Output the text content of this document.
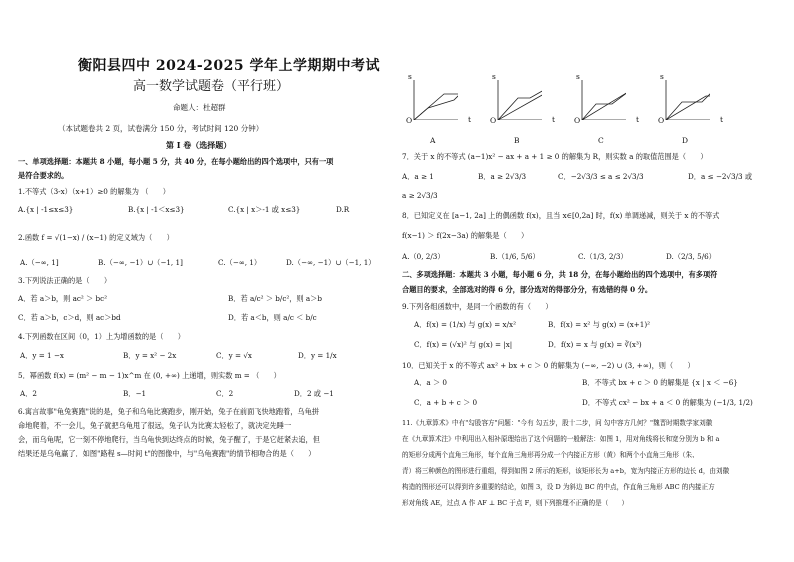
衡阳县四中 2024-2025 学年上学期期中考试
高一数学试题卷（平行班）
命题人：杜超群
（本试题卷共 2 页，试卷满分 150 分，考试时间 120 分钟）
第 I 卷（选择题）
一、单项选择题：本题共 8 小题，每小题 5 分，共 40 分，在每小题给出的四个选项中，只有一项
是符合要求的。
1.不等式（3-x）（x+1）≥0 的解集为 （　　）
A.{x | -1≤x≤3}	B.{x | -1＜x≤3}	C.{x | x＞-1 或 x≤3}	D.R
2.函数 f = √(1−x) / (x−1) 的定义域为（　　）
A.（−∞, 1]	B.（−∞, −1）∪（−1, 1]	C.（−∞, 1）	D.（−∞, −1）∪（−1, 1）
3.下列说法正确的是（　　）
A．若 a＞b，则 ac² ＞ bc²	B．若 a/c² ＞ b/c²，则 a＞b
C．若 a＞b，c＞d，则 ac＞bd	D．若 a＜b，则 a/c ＜ b/c
4.下列函数在区间（0，1）上为增函数的是（　　）
A．y = 1 −x	B．y = x² − 2x	C．y = √x	D．y = 1/x
5．幂函数 f(x) = (m² − m − 1)x^m 在 (0, +∞) 上递增，则实数 m = （　　）
A．2	B．−1	C．2	D．2 或 −1
6.寓言故事"龟兔赛跑"说的是，兔子和乌龟比赛跑步，刚开始，兔子在前面飞快地跑着，乌龟拼
命地爬着，不一会儿，兔子就把乌龟甩了很远，兔子认为比赛太轻松了，就决定先睡一
会，而乌龟呢，它一刻不停地爬行，当乌龟快到达终点的时候，兔子醒了，于是它赶紧去追，但
结果还是乌龟赢了．如图"路程 s—时间 t"的图像中，与"乌龟赛跑"的情节相吻合的是（　　）
s
t
O
A
s
t
O
B
s
t
O
C
s
t
O
D
7．关于 x 的不等式 (a−1)x² − ax + a + 1 ≥ 0 的解集为 R，则实数 a 的取值范围是（　　）
A．a ≥ 1	B．a ≥ 2√3/3	C．−2√3/3 ≤ a ≤ 2√3/3	D．a ≤ −2√3/3 或
a ≥ 2√3/3
8．已知定义在 [a−1, 2a] 上的偶函数 f(x)，且当 x∈[0,2a] 时，f(x) 单调递减，则关于 x 的不等式
f(x−1) ＞ f(2x−3a) 的解集是（　　）
A.（0, 2/3）	B.（1/6, 5/6）	C.（1/3, 2/3）	D.（2/3, 5/6）
二、多项选择题：本题共 3 小题，每小题 6 分，共 18 分，在每小题给出的四个选项中，有多项符
合题目的要求，全部选对的得 6 分，部分选对的得部分分，有选错的得 0 分。
9.下列各组函数中，是同一个函数的有（　　）
A．f(x) = (1/x) 与 g(x) = x/x²	B．f(x) = x² 与 g(x) = (x+1)²
C．f(x) = (√x)² 与 g(x) = |x|	D．f(x) = x 与 g(x) = ∛(x³)
10．已知关于 x 的不等式 ax² + bx + c ＞ 0 的解集为 (−∞, −2) ∪ (3, +∞)，则（　　）
A．a ＞ 0	B．不等式 bx + c ＞ 0 的解集是 {x | x ＜ −6}
C．a + b + c ＞ 0	D．不等式 cx² − bx + a ＜ 0 的解集为 (−1/3, 1/2)
11.《九章算术》中有"勾股容方"问题："今有 勾五步，股十二步，问 勾中容方几何？"魏晋时期数学家刘徽
在《九章算术注》中利用出入相补原理给出了这个问题的一般解法：如图 1，用对角线将长和宽分别为 b 和 a
的矩形分成两个直角三角形，每个直角三角形再分成一个内接正方形（黄）和两个小直角三角形（朱、
青）将三种颜色的图形进行重组，得到如图 2 所示的矩形，该矩形长为 a+b，宽为内接正方形的边长 d，由刘徽
构造的图形还可以得到许多重要的结论，如图 3，设 D 为斜边 BC 的中点，作直角三角形 ABC 的内接正方
形对角线 AE，过点 A 作 AF ⊥ BC 于点 F，则下列推理不正确的是（　　）
